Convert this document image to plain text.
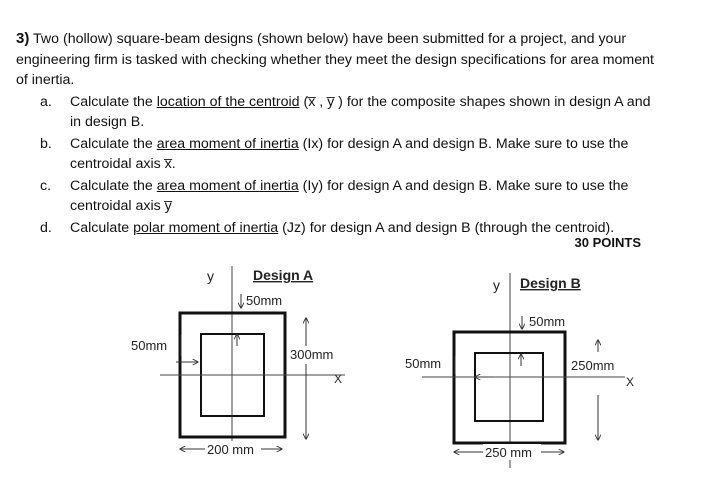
3) Two (hollow) square-beam designs (shown below) have been submitted for a project, and your engineering firm is tasked with checking whether they meet the design specifications for area moment of inertia.
a.	Calculate the location of the centroid (x̅ , y̅ ) for the composite shapes shown in design A and in design B.
b.	Calculate the area moment of inertia (Ix) for design A and design B. Make sure to use the centroidal axis x̅.
c.	Calculate the area moment of inertia (Iy) for design A and design B. Make sure to use the centroidal axis y̅
d.	Calculate polar moment of inertia (Jz) for design A and design B (through the centroid).
30 POINTS
y	Design A
50mm
X
50mm
300mm
200 mm
y Design B
50mm
X
50mm	250mm
250 mm
